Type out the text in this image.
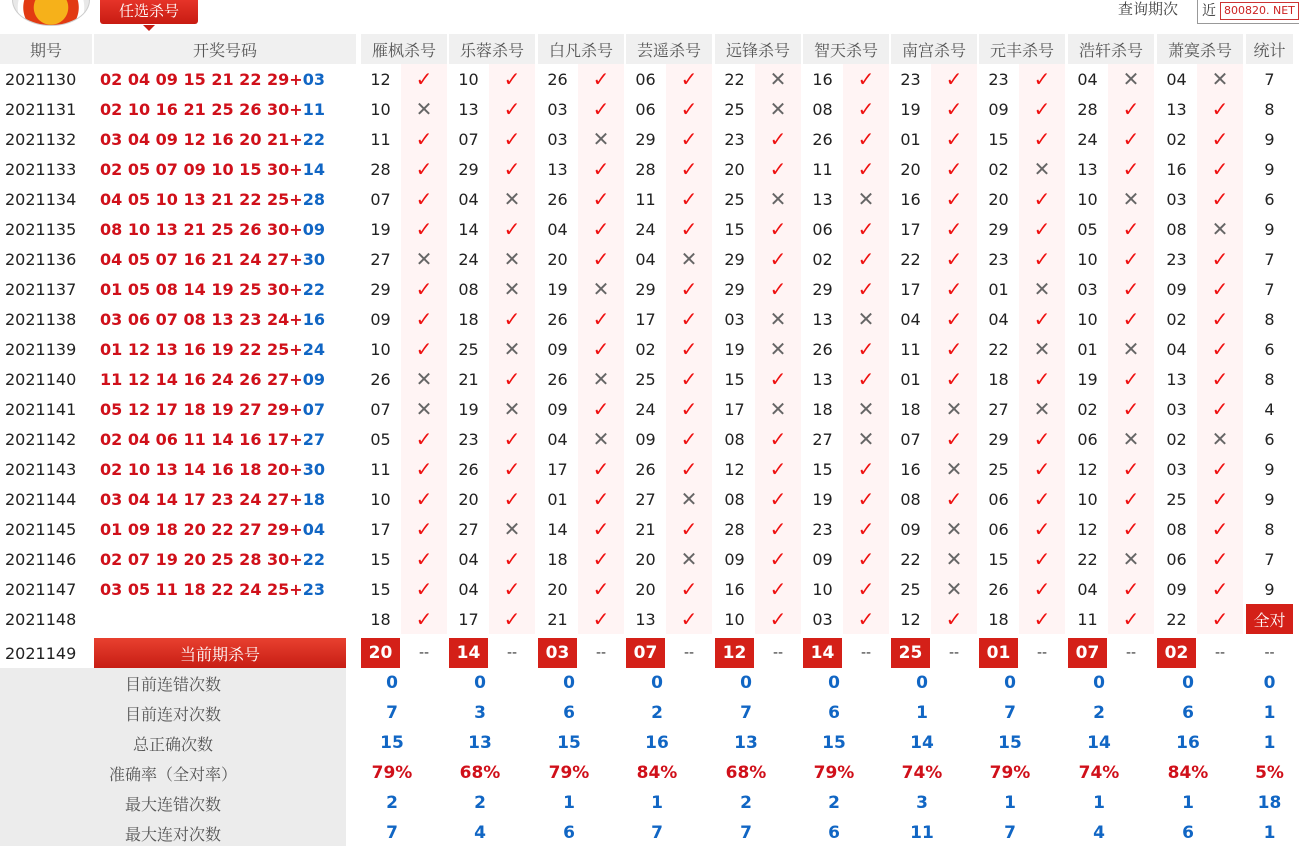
任选杀号	查询期次	近 800820. NET
期号	开奖号码	雁枫杀号	乐蓉杀号	白凡杀号	芸遥杀号	远锋杀号	智天杀号	南宫杀号	元丰杀号	浩轩杀号	萧寞杀号	统计
2021130	02 04 09 15 21 22 29 + 03	12	✓	10	✓	26	✓	06	✓	22	✕	16	✓	23	✓	23	✓	04	✕	04	✕	7
2021131	02 10 16 21 25 26 30 + 11	10	✕	13	✓	03	✓	06	✓	25	✕	08	✓	19	✓	09	✓	28	✓	13	✓	8
2021132	03 04 09 12 16 20 21 + 22	11	✓	07	✓	03	✕	29	✓	23	✓	26	✓	01	✓	15	✓	24	✓	02	✓	9
2021133	02 05 07 09 10 15 30 + 14	28	✓	29	✓	13	✓	28	✓	20	✓	11	✓	20	✓	02	✕	13	✓	16	✓	9
2021134	04 05 10 13 21 22 25 + 28	07	✓	04	✕	26	✓	11	✓	25	✕	13	✕	16	✓	20	✓	10	✕	03	✓	6
2021135	08 10 13 21 25 26 30 + 09	19	✓	14	✓	04	✓	24	✓	15	✓	06	✓	17	✓	29	✓	05	✓	08	✕	9
2021136	04 05 07 16 21 24 27 + 30	27	✕	24	✕	20	✓	04	✕	29	✓	02	✓	22	✓	23	✓	10	✓	23	✓	7
2021137	01 05 08 14 19 25 30 + 22	29	✓	08	✕	19	✕	29	✓	29	✓	29	✓	17	✓	01	✕	03	✓	09	✓	7
2021138	03 06 07 08 13 23 24 + 16	09	✓	18	✓	26	✓	17	✓	03	✕	13	✕	04	✓	04	✓	10	✓	02	✓	8
2021139	01 12 13 16 19 22 25 + 24	10	✓	25	✕	09	✓	02	✓	19	✕	26	✓	11	✓	22	✕	01	✕	04	✓	6
2021140	11 12 14 16 24 26 27 + 09	26	✕	21	✓	26	✕	25	✓	15	✓	13	✓	01	✓	18	✓	19	✓	13	✓	8
2021141	05 12 17 18 19 27 29 + 07	07	✕	19	✕	09	✓	24	✓	17	✕	18	✕	18	✕	27	✕	02	✓	03	✓	4
2021142	02 04 06 11 14 16 17 + 27	05	✓	23	✓	04	✕	09	✓	08	✓	27	✕	07	✓	29	✓	06	✕	02	✕	6
2021143	02 10 13 14 16 18 20 + 30	11	✓	26	✓	17	✓	26	✓	12	✓	15	✓	16	✕	25	✓	12	✓	03	✓	9
2021144	03 04 14 17 23 24 27 + 18	10	✓	20	✓	01	✓	27	✕	08	✓	19	✓	08	✓	06	✓	10	✓	25	✓	9
2021145	01 09 18 20 22 27 29 + 04	17	✓	27	✕	14	✓	21	✓	28	✓	23	✓	09	✕	06	✓	12	✓	08	✓	8
2021146	02 07 19 20 25 28 30 + 22	15	✓	04	✓	18	✓	20	✕	09	✓	09	✓	22	✕	15	✓	22	✕	06	✓	7
2021147	03 05 11 18 22 24 25 + 23	15	✓	04	✓	20	✓	20	✓	16	✓	10	✓	25	✕	26	✓	04	✓	09	✓	9
2021148	18	✓	17	✓	21	✓	13	✓	10	✓	03	✓	12	✓	18	✓	11	✓	22	✓	全对
2021149	当前期杀号	20	--	14	--	03	--	07	--	12	--	14	--	25	--	01	--	07	--	02	--	--
目前连错次数	0	0	0	0	0	0	0	0	0	0	0
目前连对次数	7	3	6	2	7	6	1	7	2	6	1
总正确次数	15	13	15	16	13	15	14	15	14	16	1
准确率（全对率）	79%	68%	79%	84%	68%	79%	74%	79%	74%	84%	5%
最大连错次数	2	2	1	1	2	2	3	1	1	1	18
最大连对次数	7	4	6	7	7	6	11	7	4	6	1
